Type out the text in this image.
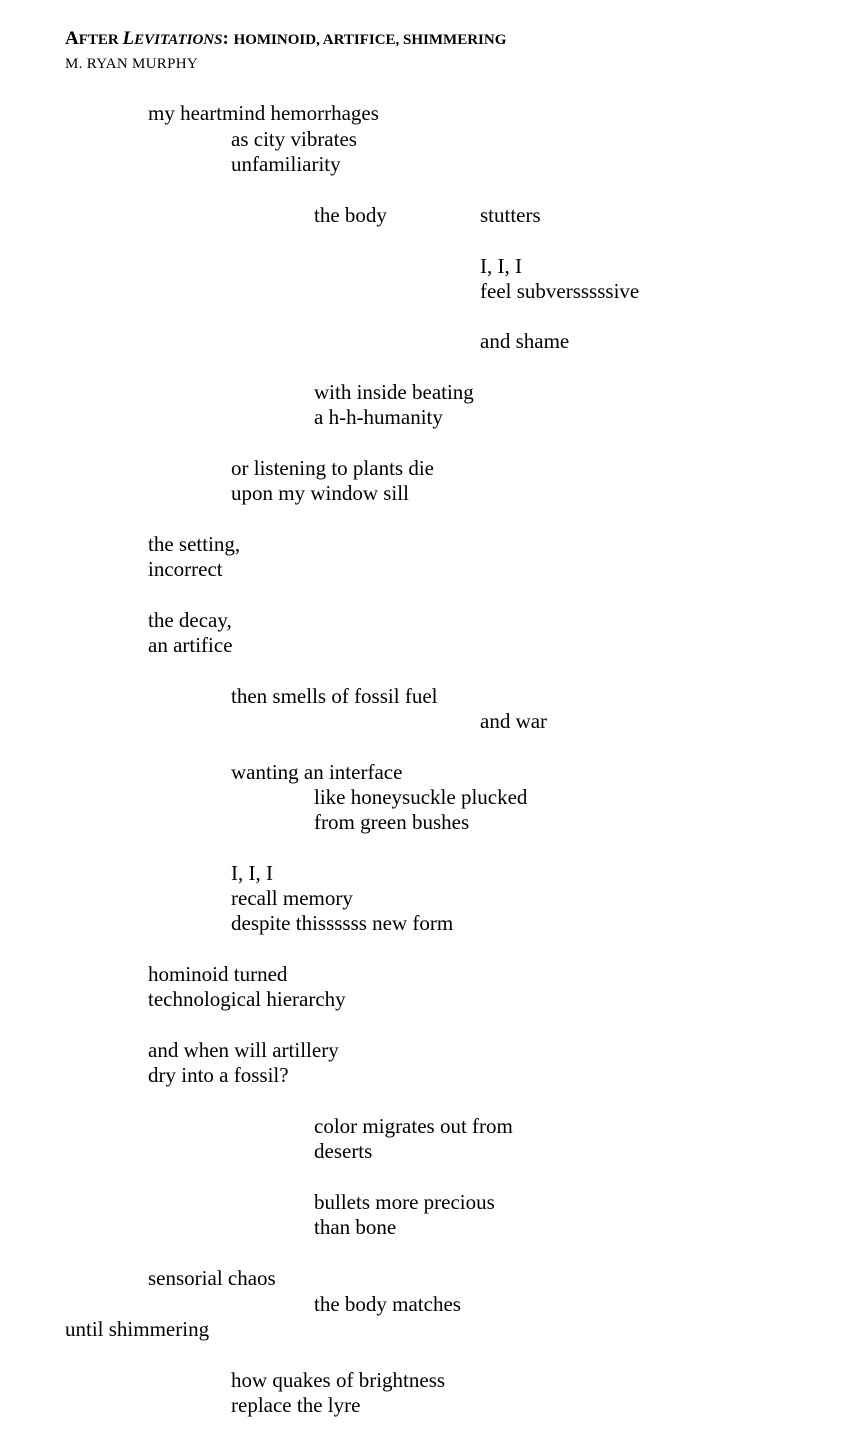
AFTER LEVITATIONS: HOMINOID, ARTIFICE, SHIMMERING
M. RYAN MURPHY
my heartmind hemorrhages
as city vibrates
unfamiliarity
the body	stutters
I, I, I
feel subversssssive
and shame
with inside beating
a h-h-humanity
or listening to plants die
upon my window sill
the setting,
incorrect
the decay,
an artifice
then smells of fossil fuel
and war
wanting an interface
like honeysuckle plucked
from green bushes
I, I, I
recall memory
despite thissssss new form
hominoid turned
technological hierarchy
and when will artillery
dry into a fossil?
color migrates out from
deserts
bullets more precious
than bone
sensorial chaos
the body matches
until shimmering
how quakes of brightness
replace the lyre
